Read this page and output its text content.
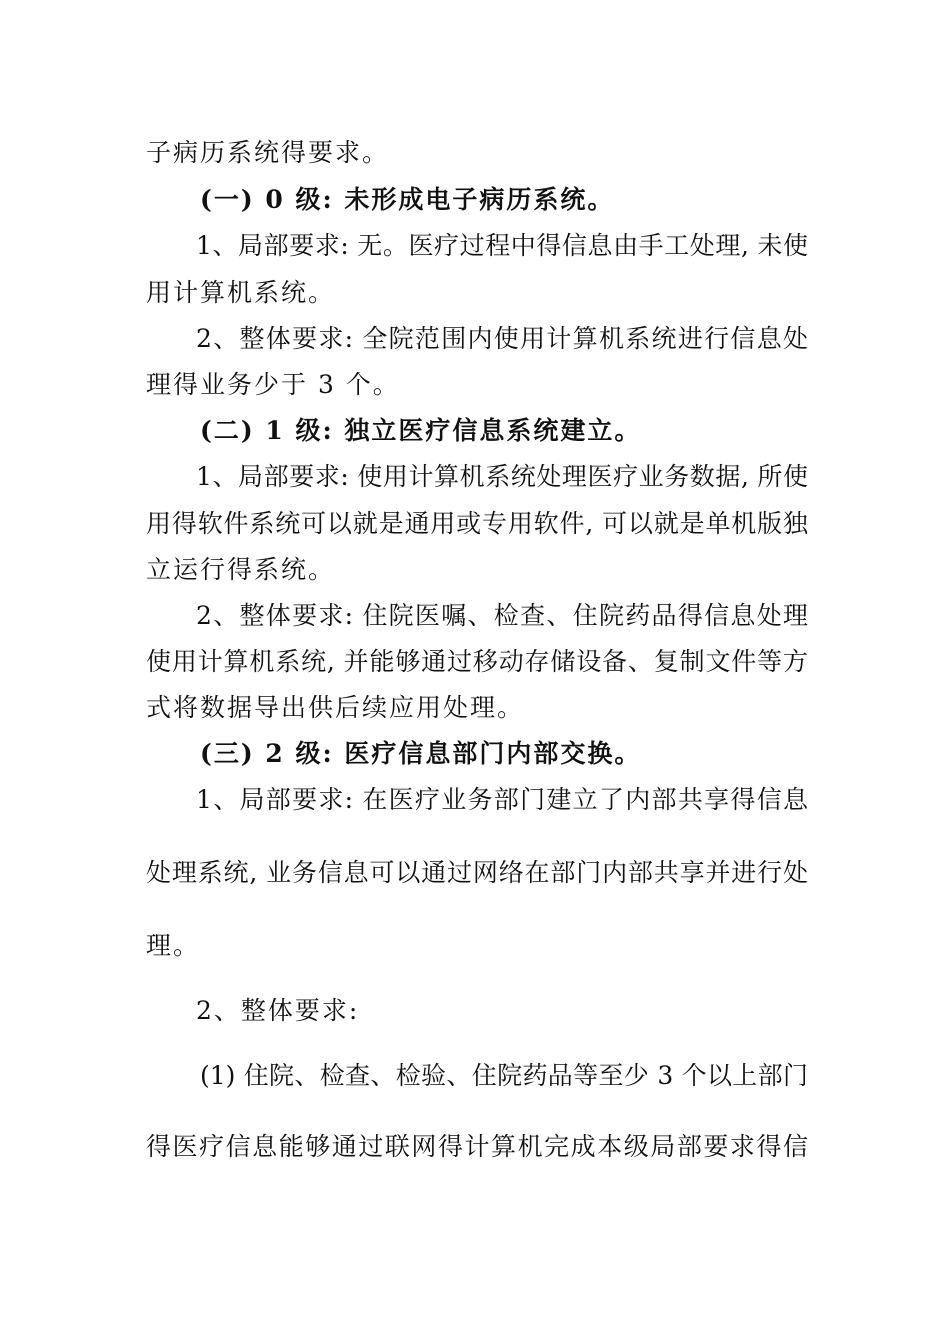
子病历系统得要求。
(一) 0 级: 未形成电子病历系统。
1、局部要求: 无。医疗过程中得信息由手工处理, 未使
用计算机系统。
2、整体要求: 全院范围内使用计算机系统进行信息处
理得业务少于 3 个。
(二) 1 级: 独立医疗信息系统建立。
1、局部要求: 使用计算机系统处理医疗业务数据, 所使
用得软件系统可以就是通用或专用软件, 可以就是单机版独
立运行得系统。
2、整体要求: 住院医嘱、检查、住院药品得信息处理
使用计算机系统, 并能够通过移动存储设备、复制文件等方
式将数据导出供后续应用处理。
(三) 2 级: 医疗信息部门内部交换。
1、局部要求: 在医疗业务部门建立了内部共享得信息
处理系统, 业务信息可以通过网络在部门内部共享并进行处
理。
2、整体要求:
(1) 住院、检查、检验、住院药品等至少 3 个以上部门
得医疗信息能够通过联网得计算机完成本级局部要求得信
